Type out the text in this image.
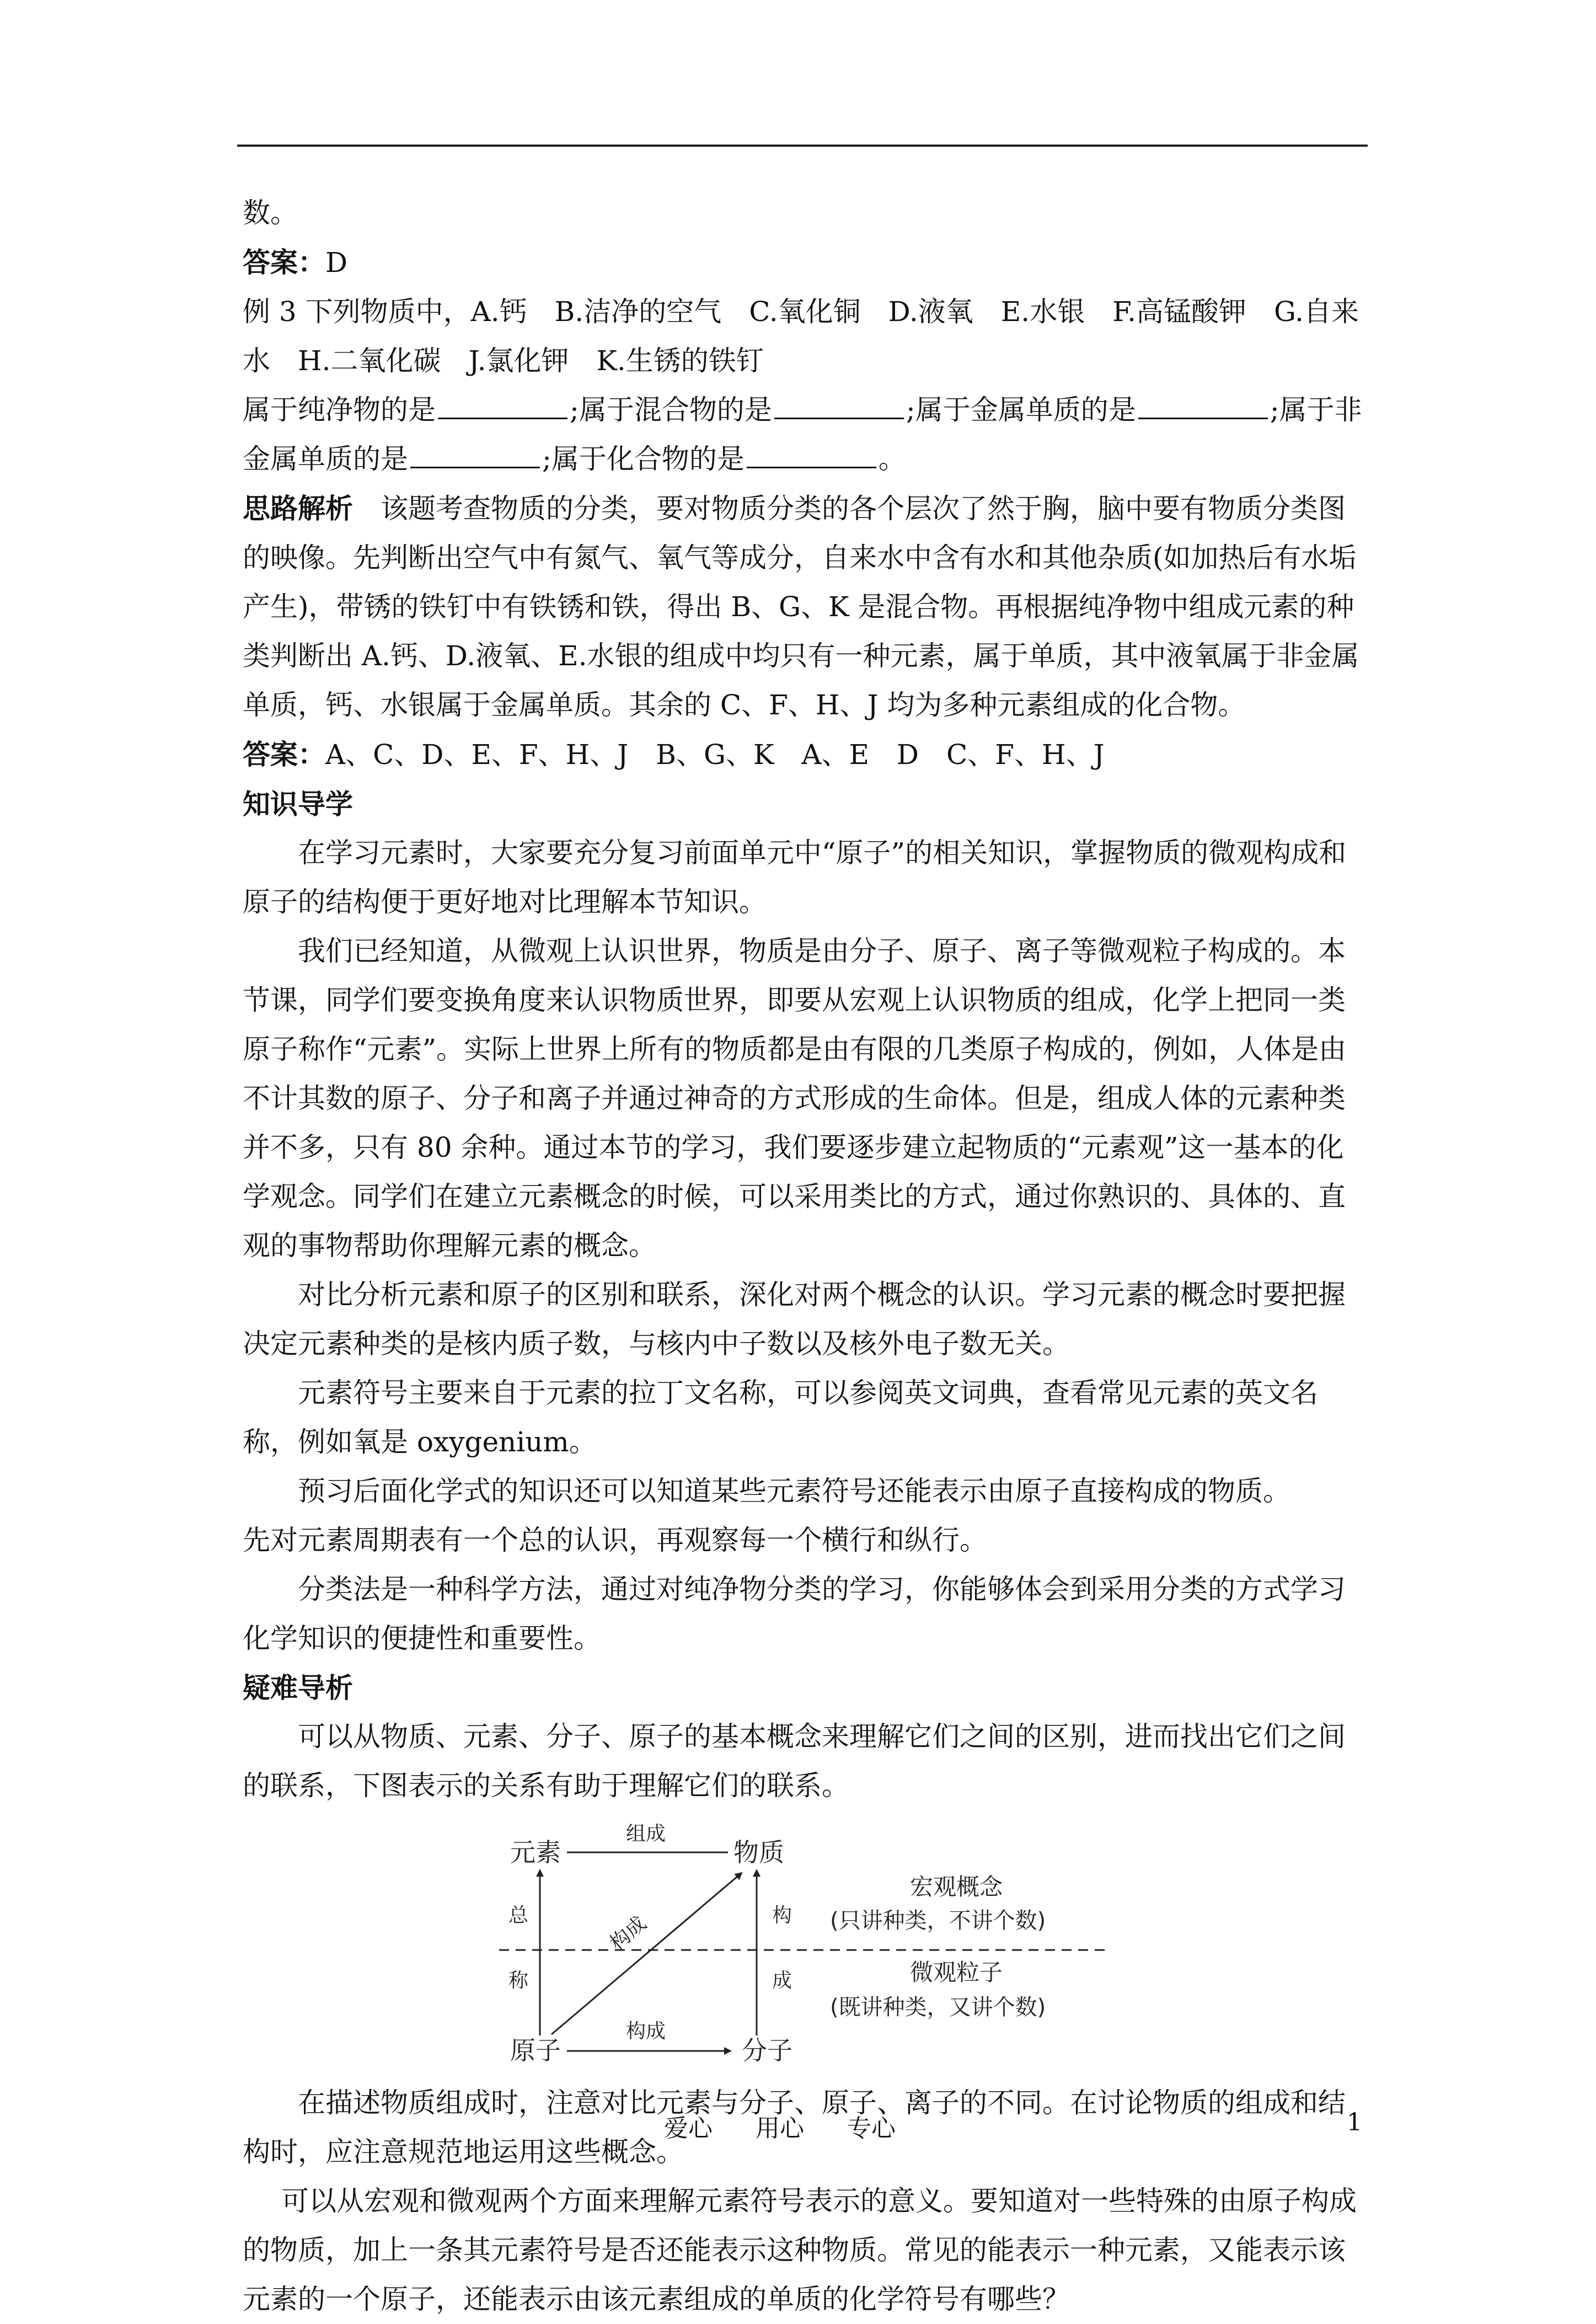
数。

答案：D

例 3 下列物质中，A.钙　B.洁净的空气　C.氧化铜　D.液氧　E.水银　F.高锰酸钾　G.自来水　H.二氧化碳　J.氯化钾　K.生锈的铁钉

属于纯净物的是	;属于混合物的是	;属于金属单质的是	;属于非金属单质的是	;属于化合物的是	。

思路解析　该题考查物质的分类，要对物质分类的各个层次了然于胸，脑中要有物质分类图的映像。先判断出空气中有氮气、氧气等成分，自来水中含有水和其他杂质(如加热后有水垢产生)，带锈的铁钉中有铁锈和铁，得出 B、G、K 是混合物。再根据纯净物中组成元素的种类判断出 A.钙、D.液氧、E.水银的组成中均只有一种元素，属于单质，其中液氧属于非金属单质，钙、水银属于金属单质。其余的 C、F、H、J 均为多种元素组成的化合物。

答案：A、C、D、E、F、H、J　B、G、K　A、E　D　C、F、H、J

知识导学

在学习元素时，大家要充分复习前面单元中“原子”的相关知识，掌握物质的微观构成和原子的结构便于更好地对比理解本节知识。

我们已经知道，从微观上认识世界，物质是由分子、原子、离子等微观粒子构成的。本节课，同学们要变换角度来认识物质世界，即要从宏观上认识物质的组成，化学上把同一类原子称作“元素”。实际上世界上所有的物质都是由有限的几类原子构成的，例如，人体是由不计其数的原子、分子和离子并通过神奇的方式形成的生命体。但是，组成人体的元素种类并不多，只有 80 余种。通过本节的学习，我们要逐步建立起物质的“元素观”这一基本的化学观念。同学们在建立元素概念的时候，可以采用类比的方式，通过你熟识的、具体的、直观的事物帮助你理解元素的概念。

对比分析元素和原子的区别和联系，深化对两个概念的认识。学习元素的概念时要把握决定元素种类的是核内质子数，与核内中子数以及核外电子数无关。

元素符号主要来自于元素的拉丁文名称，可以参阅英文词典，查看常见元素的英文名称，例如氧是 oxygenium。

预习后面化学式的知识还可以知道某些元素符号还能表示由原子直接构成的物质。

先对元素周期表有一个总的认识，再观察每一个横行和纵行。

分类法是一种科学方法，通过对纯净物分类的学习，你能够体会到采用分类的方式学习化学知识的便捷性和重要性。

疑难导析

可以从物质、元素、分子、原子的基本概念来理解它们之间的区别，进而找出它们之间的联系，下图表示的关系有助于理解它们的联系。

元素	物质
原子	分子
组成
总
称
构
成
构成
构成
宏观概念
(只讲种类，不讲个数)
微观粒子
(既讲种类，又讲个数)

在描述物质组成时，注意对比元素与分子、原子、离子的不同。在讨论物质的组成和结构时，应注意规范地运用这些概念。

可以从宏观和微观两个方面来理解元素符号表示的意义。要知道对一些特殊的由原子构成的物质，加上一条其元素符号是否还能表示这种物质。常见的能表示一种元素，又能表示该元素的一个原子，还能表示由该元素组成的单质的化学符号有哪些？

爱心 用心 专心	1
